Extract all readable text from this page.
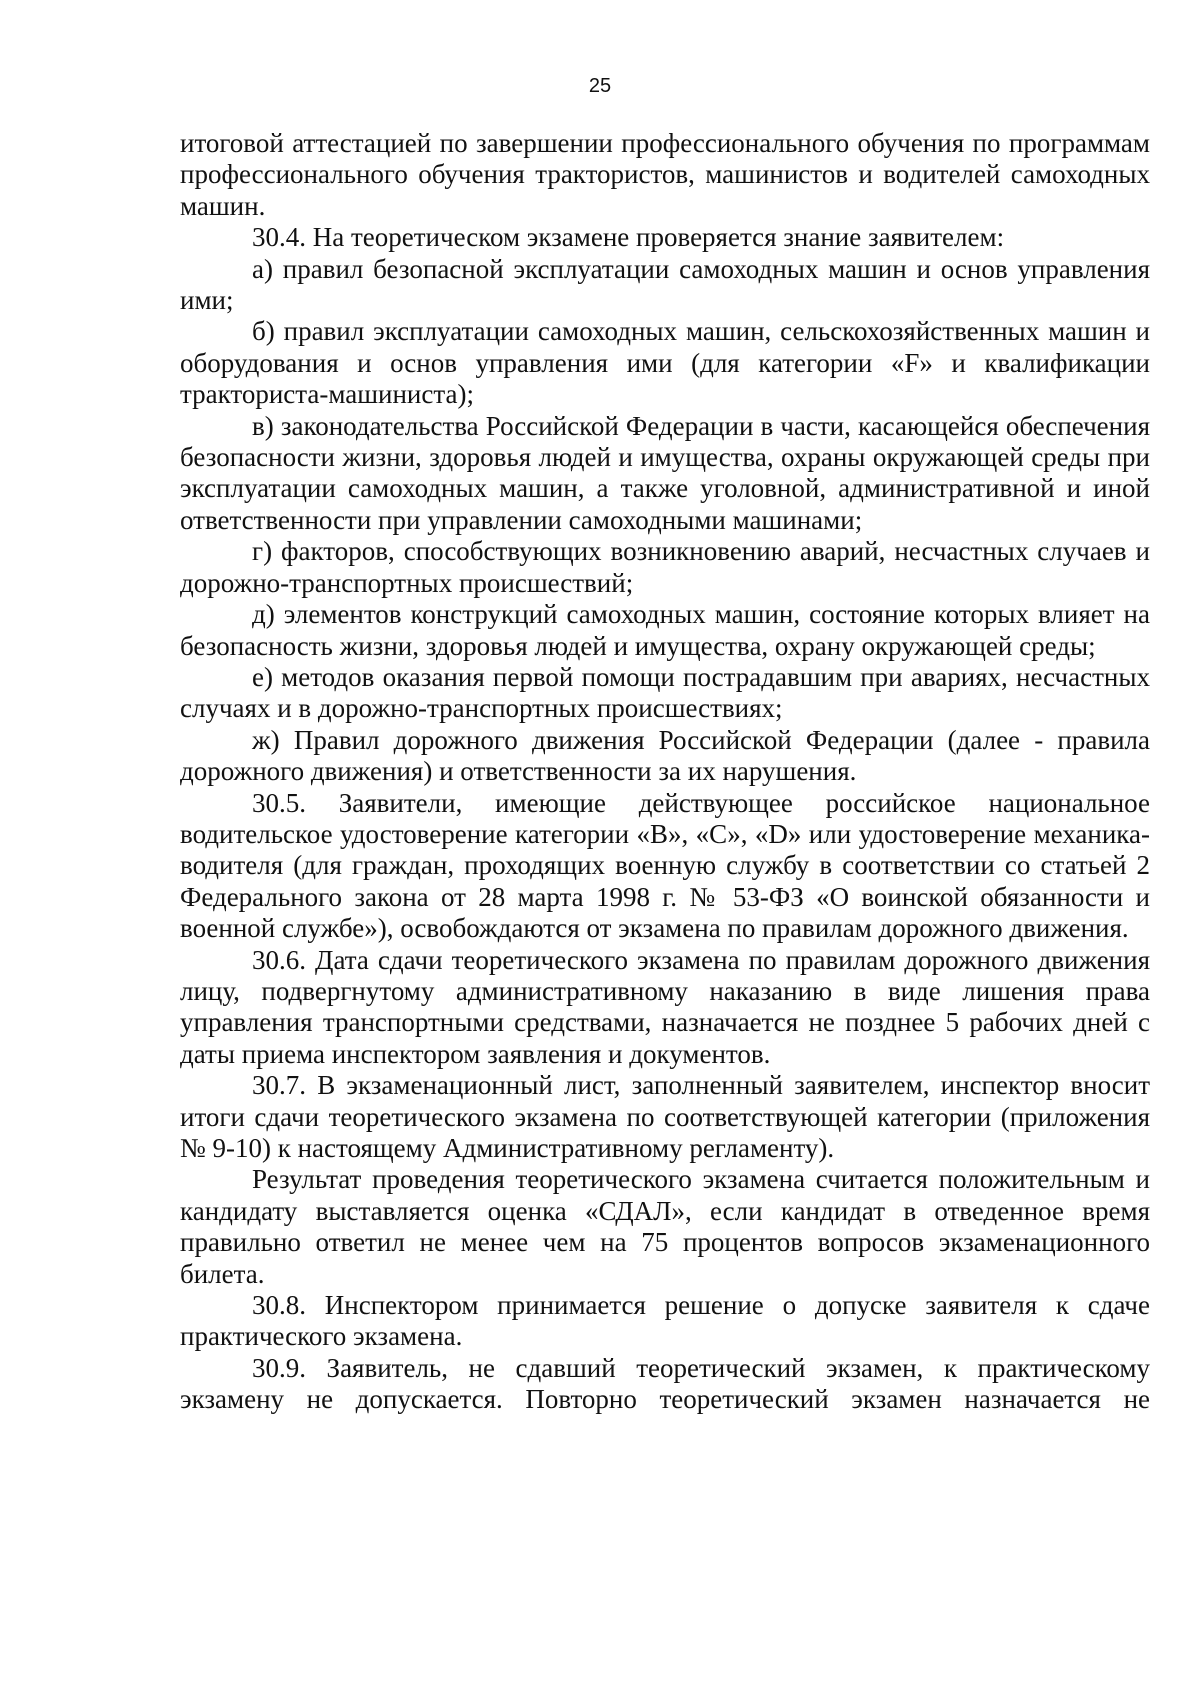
25

итоговой аттестацией по завершении профессионального обучения по программам профессионального обучения трактористов, машинистов и водителей самоходных машин.

30.4. На теоретическом экзамене проверяется знание заявителем:

а) правил безопасной эксплуатации самоходных машин и основ управления ими;

б) правил эксплуатации самоходных машин, сельскохозяйственных машин и оборудования и основ управления ими (для категории «F» и квалификации тракториста-машиниста);

в) законодательства Российской Федерации в части, касающейся обеспечения безопасности жизни, здоровья людей и имущества, охраны окружающей среды при эксплуатации самоходных машин, а также уголовной, административной и иной ответственности при управлении самоходными машинами;

г) факторов, способствующих возникновению аварий, несчастных случаев и дорожно-транспортных происшествий;

д) элементов конструкций самоходных машин, состояние которых влияет на безопасность жизни, здоровья людей и имущества, охрану окружающей среды;

е) методов оказания первой помощи пострадавшим при авариях, несчастных случаях и в дорожно-транспортных происшествиях;

ж) Правил дорожного движения Российской Федерации (далее - правила дорожного движения) и ответственности за их нарушения.

30.5. Заявители, имеющие действующее российское национальное водительское удостоверение категории «B», «C», «D» или удостоверение механика-водителя (для граждан, проходящих военную службу в соответствии со статьей 2 Федерального закона от 28 марта 1998 г. № 53-ФЗ «О воинской обязанности и военной службе»), освобождаются от экзамена по правилам дорожного движения.

30.6. Дата сдачи теоретического экзамена по правилам дорожного движения лицу, подвергнутому административному наказанию в виде лишения права управления транспортными средствами, назначается не позднее 5 рабочих дней с даты приема инспектором заявления и документов.

30.7. В экзаменационный лист, заполненный заявителем, инспектор вносит итоги сдачи теоретического экзамена по соответствующей категории (приложения № 9-10) к настоящему Административному регламенту).

Результат проведения теоретического экзамена считается положительным и кандидату выставляется оценка «СДАЛ», если кандидат в отведенное время правильно ответил не менее чем на 75 процентов вопросов экзаменационного билета.

30.8. Инспектором принимается решение о допуске заявителя к сдаче практического экзамена.

30.9. Заявитель, не сдавший теоретический экзамен, к практическому экзамену не допускается. Повторно теоретический экзамен назначается не
